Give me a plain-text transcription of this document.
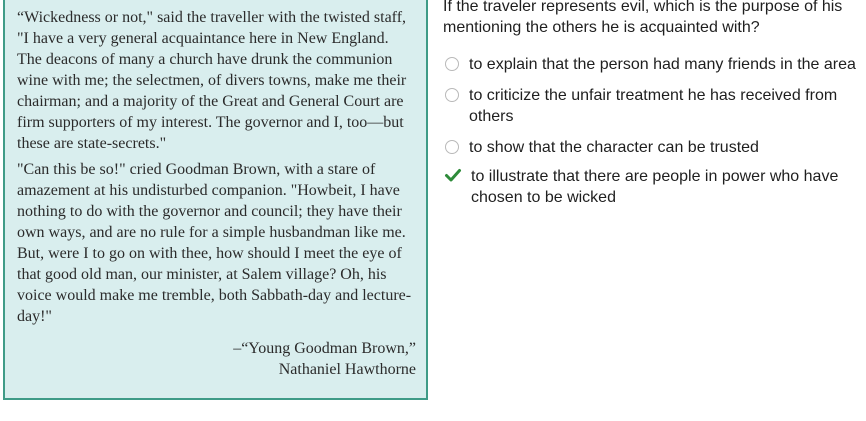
“Wickedness or not," said the traveller with the twisted staff, "I have a very general acquaintance here in New England. The deacons of many a church have drunk the communion wine with me; the selectmen, of divers towns, make me their chairman; and a majority of the Great and General Court are firm supporters of my interest. The governor and I, too—but these are state-secrets."

"Can this be so!" cried Goodman Brown, with a stare of amazement at his undisturbed companion. "Howbeit, I have nothing to do with the governor and council; they have their own ways, and are no rule for a simple husbandman like me. But, were I to go on with thee, how should I meet the eye of that good old man, our minister, at Salem village? Oh, his voice would make me tremble, both Sabbath-day and lecture-day!"

–“Young Goodman Brown,”
Nathaniel Hawthorne

If the traveler represents evil, which is the purpose of his mentioning the others he is acquainted with?

to explain that the person had many friends in the area
to criticize the unfair treatment he has received from others
to show that the character can be trusted
to illustrate that there are people in power who have chosen to be wicked
